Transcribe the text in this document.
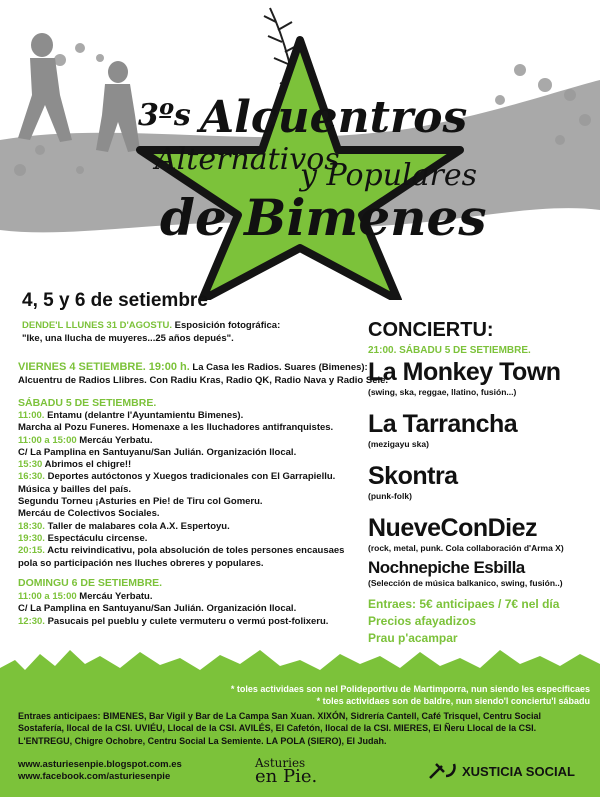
3ºs Alcuentros
Alternativos
y Populares
de Bimenes
4, 5 y 6 de setiembre
DENDE'L LLUNES 31 D'AGOSTU. Esposición fotográfica:
"Ike, una llucha de muyeres...25 años depués".
VIERNES 4 SETIEMBRE. 19:00 h. La Casa les Radios. Suares (Bimenes):
Alcuentru de Radios Llibres. Con Radiu Kras, Radio QK, Radio Nava y Radio Sele.
SÁBADU 5 DE SETIEMBRE.
11:00. Entamu (delantre l'Ayuntamientu Bimenes).
Marcha al Pozu Funeres. Homenaxe a les lluchadores antifranquistes.
11:00 a 15:00 Mercáu Yerbatu.
C/ La Pamplina en Santuyanu/San Julián. Organización llocal.
15:30 Abrimos el chigre!!
16:30. Deportes autóctonos y Xuegos tradicionales con El Garrapiellu.
Música y bailles del país.
Segundu Torneu ¡Asturies en Pie! de Tiru col Gomeru.
Mercáu de Colectivos Sociales.
18:30. Taller de malabares cola A.X. Espertoyu.
19:30. Espectáculu circense.
20:15. Actu reivindicativu, pola absolución de toles persones encausaes
pola so participación nes lluches obreres y populares.
DOMINGU 6 DE SETIEMBRE.
11:00 a 15:00 Mercáu Yerbatu.
C/ La Pamplina en Santuyanu/San Julián. Organización llocal.
12:30. Pasucais pel pueblu y culete vermuteru o vermú post-folixeru.
CONCIERTU:
21:00. SÁBADU 5 DE SETIEMBRE.
La Monkey Town
(swing, ska, reggae, llatino, fusión...)
La Tarrancha
(mezigayu ska)
Skontra
(punk-folk)
NueveConDiez
(rock, metal, punk. Cola collaboración d'Arma X)
Nochnepiche Esbilla
(Selección de música balkanico, swing, fusión..)
Entraes: 5€ anticipaes / 7€ nel día
Precios afayadizos
Prau p'acampar
* toles actividaes son nel Polideportivu de Martimporra, nun siendo les especificaes
* toles actividaes son de baldre, nun siendo'l conciertu'l sábadu
Entraes anticipaes: BIMENES, Bar Vigil y Bar de La Campa San Xuan. XIXÓN, Sidrería Cantell, Café Trisquel, Centru Social
Sostafería, llocal de la CSI. UVIÉU, Llocal de la CSI. AVILÉS, El Cafetón, llocal de la CSI. MIERES, El Ñeru Llocal de la CSI.
L'ENTREGU, Chigre Ochobre, Centru Social La Semiente. LA POLA (SIERO), El Judah.
www.asturiesenpie.blogspot.com.es
www.facebook.com/asturiesenpie
Asturies
en Pie.	XUSTICIA SOCIAL
